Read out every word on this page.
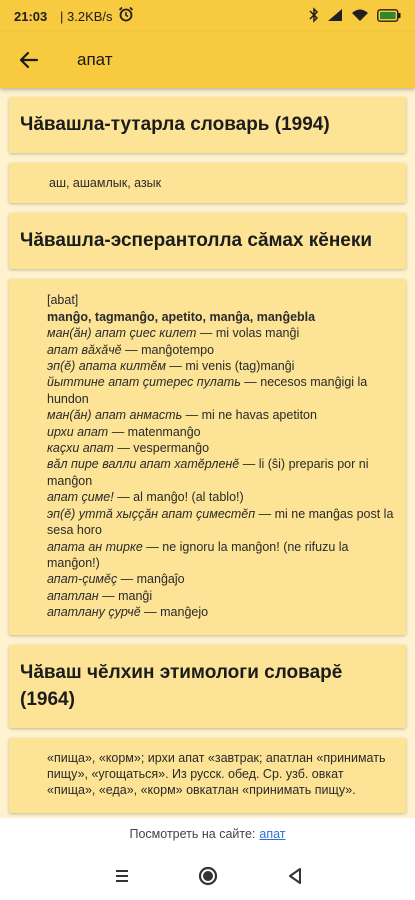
21:03 | 3.2KB/s
апат
Чăвашла-тутарла словарь (1994)
аш, ашамлык, азык
Чăвашла-эсперантолла сăмах кĕнеки
[abat]
manĝo, tagmanĝo, apetito, manĝa, manĝebla
ман(ăн) апат çиес килет — mi volas manĝi
апат вăхăчĕ — manĝotempo
эп(ĕ) апата килтĕм — mi venis (tag)manĝi
йыттине апат çитерес пулать — necesos manĝigi la hundon
ман(ăн) апат анмасть — mi ne havas apetiton
ирхи апат — matenmanĝo
каçхи апат — vespermanĝo
вăл пире валли апат хатĕрленĕ — li (ŝi) preparis por ni manĝon
апат çиме! — al manĝo! (al tablo!)
эп(ĕ) уттă хыççăн апат çиместĕп — mi ne manĝas post la sesa horo
апата ан тирке — ne ignoru la manĝon! (ne rifuzu la manĝon!)
апат-çимĕç — manĝaĵo
апатлан — manĝi
апатлану çурчĕ — manĝejo
Чăваш чĕлхин этимологи словарĕ (1964)
«пища», «корм»; ирхи апат «завтрак; апатлан «принимать пищу», «угощаться». Из русск. обед. Ср. узб. овкат «пища», «еда», «корм» овкатлан «принимать пищу».
Посмотреть на сайте: апат
